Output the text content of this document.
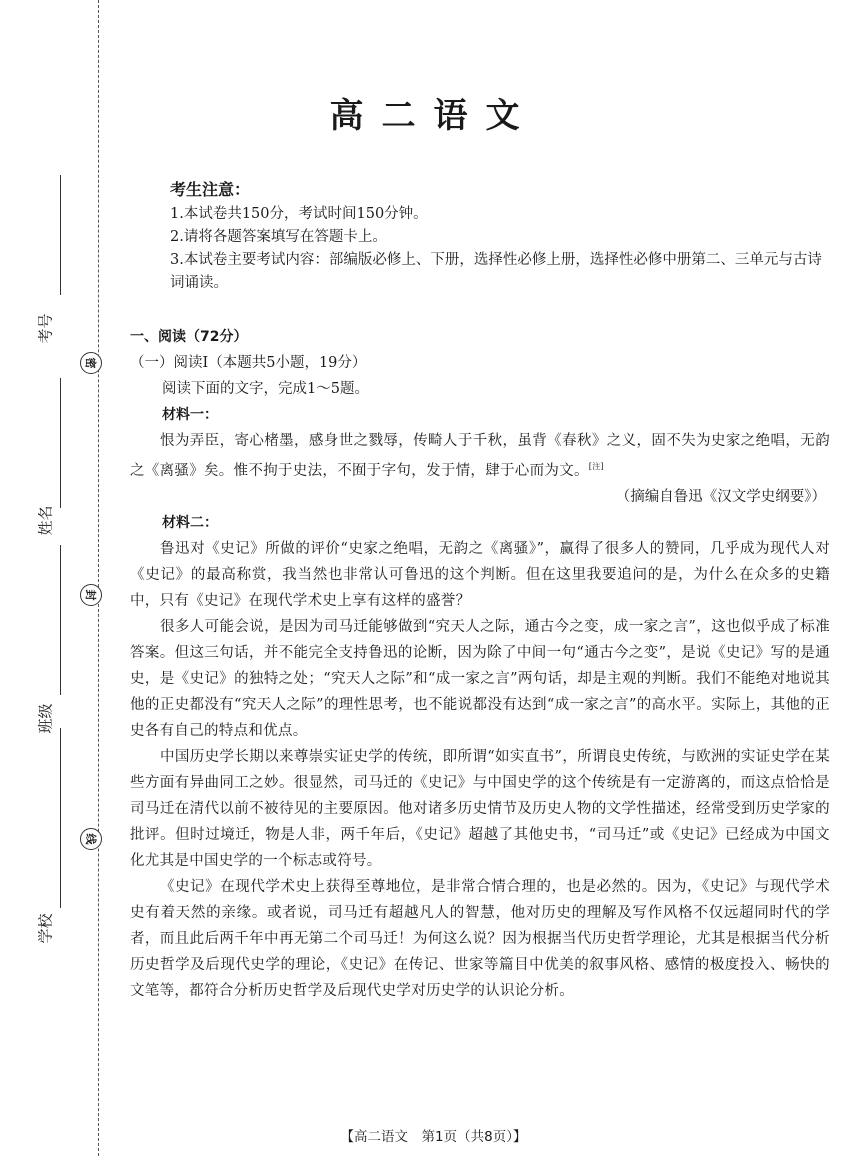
密
封
线
考号
姓名
班级
学校
高二语文
考生注意：

1.本试卷共150分，考试时间150分钟。

2.请将各题答案填写在答题卡上。

3.本试卷主要考试内容：部编版必修上、下册，选择性必修上册，选择性必修中册第二、三单元与古诗词诵读。

一、阅读（72分）
（一）阅读Ⅰ（本题共5小题，19分）
阅读下面的文字，完成1～5题。
材料一：

恨为弄臣，寄心楮墨，感身世之戮辱，传畸人于千秋，虽背《春秋》之义，固不失为史家之绝唱，无韵之《离骚》矣。惟不拘于史法，不囿于字句，发于情，肆于心而为文。[注]

（摘编自鲁迅《汉文学史纲要》）
材料二：

鲁迅对《史记》所做的评价“史家之绝唱，无韵之《离骚》”，赢得了很多人的赞同，几乎成为现代人对《史记》的最高称赏，我当然也非常认可鲁迅的这个判断。但在这里我要追问的是，为什么在众多的史籍中，只有《史记》在现代学术史上享有这样的盛誉？

很多人可能会说，是因为司马迁能够做到“究天人之际，通古今之变，成一家之言”，这也似乎成了标准答案。但这三句话，并不能完全支持鲁迅的论断，因为除了中间一句“通古今之变”，是说《史记》写的是通史，是《史记》的独特之处；“究天人之际”和“成一家之言”两句话，却是主观的判断。我们不能绝对地说其他的正史都没有“究天人之际”的理性思考，也不能说都没有达到“成一家之言”的高水平。实际上，其他的正史各有自己的特点和优点。

中国历史学长期以来尊崇实证史学的传统，即所谓“如实直书”，所谓良史传统，与欧洲的实证史学在某些方面有异曲同工之妙。很显然，司马迁的《史记》与中国史学的这个传统是有一定游离的，而这点恰恰是司马迁在清代以前不被待见的主要原因。他对诸多历史情节及历史人物的文学性描述，经常受到历史学家的批评。但时过境迁，物是人非，两千年后，《史记》超越了其他史书，“司马迁”或《史记》已经成为中国文化尤其是中国史学的一个标志或符号。

《史记》在现代学术史上获得至尊地位，是非常合情合理的，也是必然的。因为，《史记》与现代学术史有着天然的亲缘。或者说，司马迁有超越凡人的智慧，他对历史的理解及写作风格不仅远超同时代的学者，而且此后两千年中再无第二个司马迁！为何这么说？因为根据当代历史哲学理论，尤其是根据当代分析历史哲学及后现代史学的理论，《史记》在传记、世家等篇目中优美的叙事风格、感情的极度投入、畅快的文笔等，都符合分析历史哲学及后现代史学对历史学的认识论分析。

【高二语文　第1页（共8页）】
